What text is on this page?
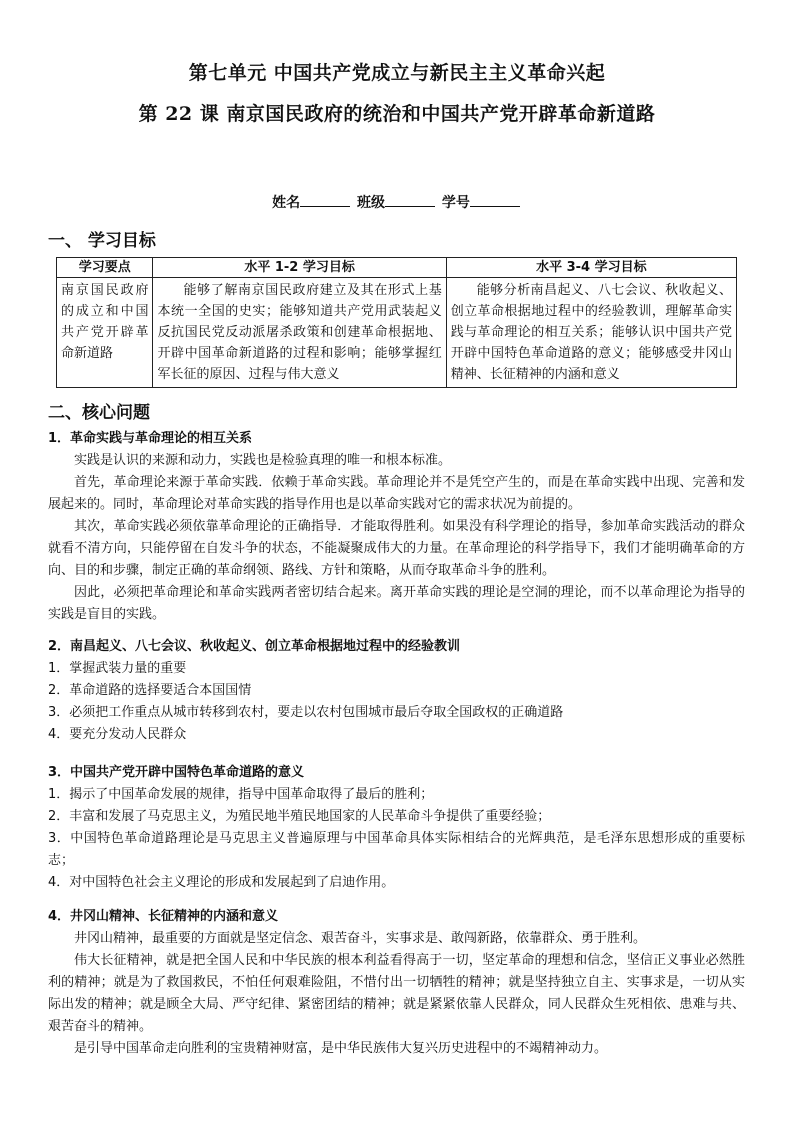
第七单元 中国共产党成立与新民主主义革命兴起
第 22 课 南京国民政府的统治和中国共产党开辟革命新道路
姓名	班级	学号
一、 学习目标
学习要点	水平 1-2 学习目标	水平 3-4 学习目标
南京国民政府的成立和中国共产党开辟革命新道路	能够了解南京国民政府建立及其在形式上基本统一全国的史实；能够知道共产党用武装起义反抗国民党反动派屠杀政策和创建革命根据地、开辟中国革命新道路的过程和影响；能够掌握红军长征的原因、过程与伟大意义	能够分析南昌起义、八七会议、秋收起义、创立革命根据地过程中的经验教训，理解革命实践与革命理论的相互关系；能够认识中国共产党开辟中国特色革命道路的意义；能够感受井冈山精神、长征精神的内涵和意义
二、核心问题

1．革命实践与革命理论的相互关系

实践是认识的来源和动力，实践也是检验真理的唯一和根本标准。

首先，革命理论来源于革命实践．依赖于革命实践。革命理论并不是凭空产生的，而是在革命实践中出现、完善和发展起来的。同时，革命理论对革命实践的指导作用也是以革命实践对它的需求状况为前提的。

其次，革命实践必须依靠革命理论的正确指导．才能取得胜利。如果没有科学理论的指导，参加革命实践活动的群众就看不清方向，只能停留在自发斗争的状态，不能凝聚成伟大的力量。在革命理论的科学指导下，我们才能明确革命的方向、目的和步骤，制定正确的革命纲领、路线、方针和策略，从而夺取革命斗争的胜利。

因此，必须把革命理论和革命实践两者密切结合起来。离开革命实践的理论是空洞的理论，而不以革命理论为指导的实践是盲目的实践。

2．南昌起义、八七会议、秋收起义、创立革命根据地过程中的经验教训

1．掌握武装力量的重要

2．革命道路的选择要适合本国国情

3．必须把工作重点从城市转移到农村，要走以农村包围城市最后夺取全国政权的正确道路

4．要充分发动人民群众

3．中国共产党开辟中国特色革命道路的意义

1．揭示了中国革命发展的规律，指导中国革命取得了最后的胜利；

2．丰富和发展了马克思主义，为殖民地半殖民地国家的人民革命斗争提供了重要经验；

3．中国特色革命道路理论是马克思主义普遍原理与中国革命具体实际相结合的光辉典范，是毛泽东思想形成的重要标志；

4．对中国特色社会主义理论的形成和发展起到了启迪作用。

4．井冈山精神、长征精神的内涵和意义

井冈山精神，最重要的方面就是坚定信念、艰苦奋斗，实事求是、敢闯新路，依靠群众、勇于胜利。

伟大长征精神，就是把全国人民和中华民族的根本利益看得高于一切，坚定革命的理想和信念，坚信正义事业必然胜利的精神；就是为了救国救民，不怕任何艰难险阻，不惜付出一切牺牲的精神；就是坚持独立自主、实事求是，一切从实际出发的精神；就是顾全大局、严守纪律、紧密团结的精神；就是紧紧依靠人民群众，同人民群众生死相依、患难与共、艰苦奋斗的精神。

是引导中国革命走向胜利的宝贵精神财富，是中华民族伟大复兴历史进程中的不竭精神动力。
